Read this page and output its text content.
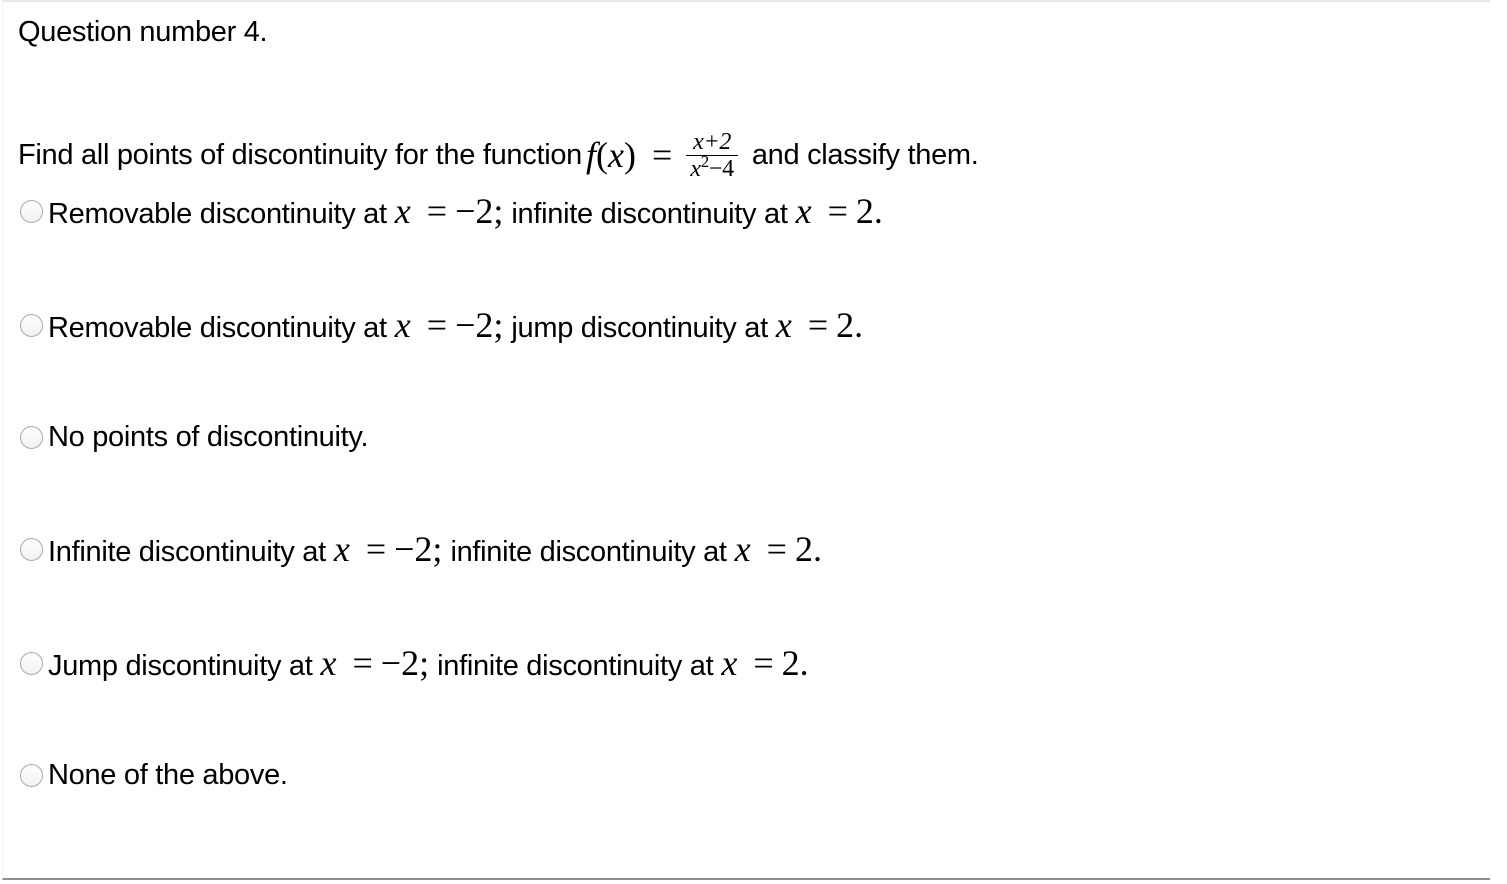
Question number 4.
Find all points of discontinuity for the function $f(x) = \frac{x+2}{x^2-4}$ and classify them.
Removable discontinuity at x = −2; infinite discontinuity at x = 2.
Removable discontinuity at x = −2; jump discontinuity at x = 2.
No points of discontinuity.
Infinite discontinuity at x = −2; infinite discontinuity at x = 2.
Jump discontinuity at x = −2; infinite discontinuity at x = 2.
None of the above.
